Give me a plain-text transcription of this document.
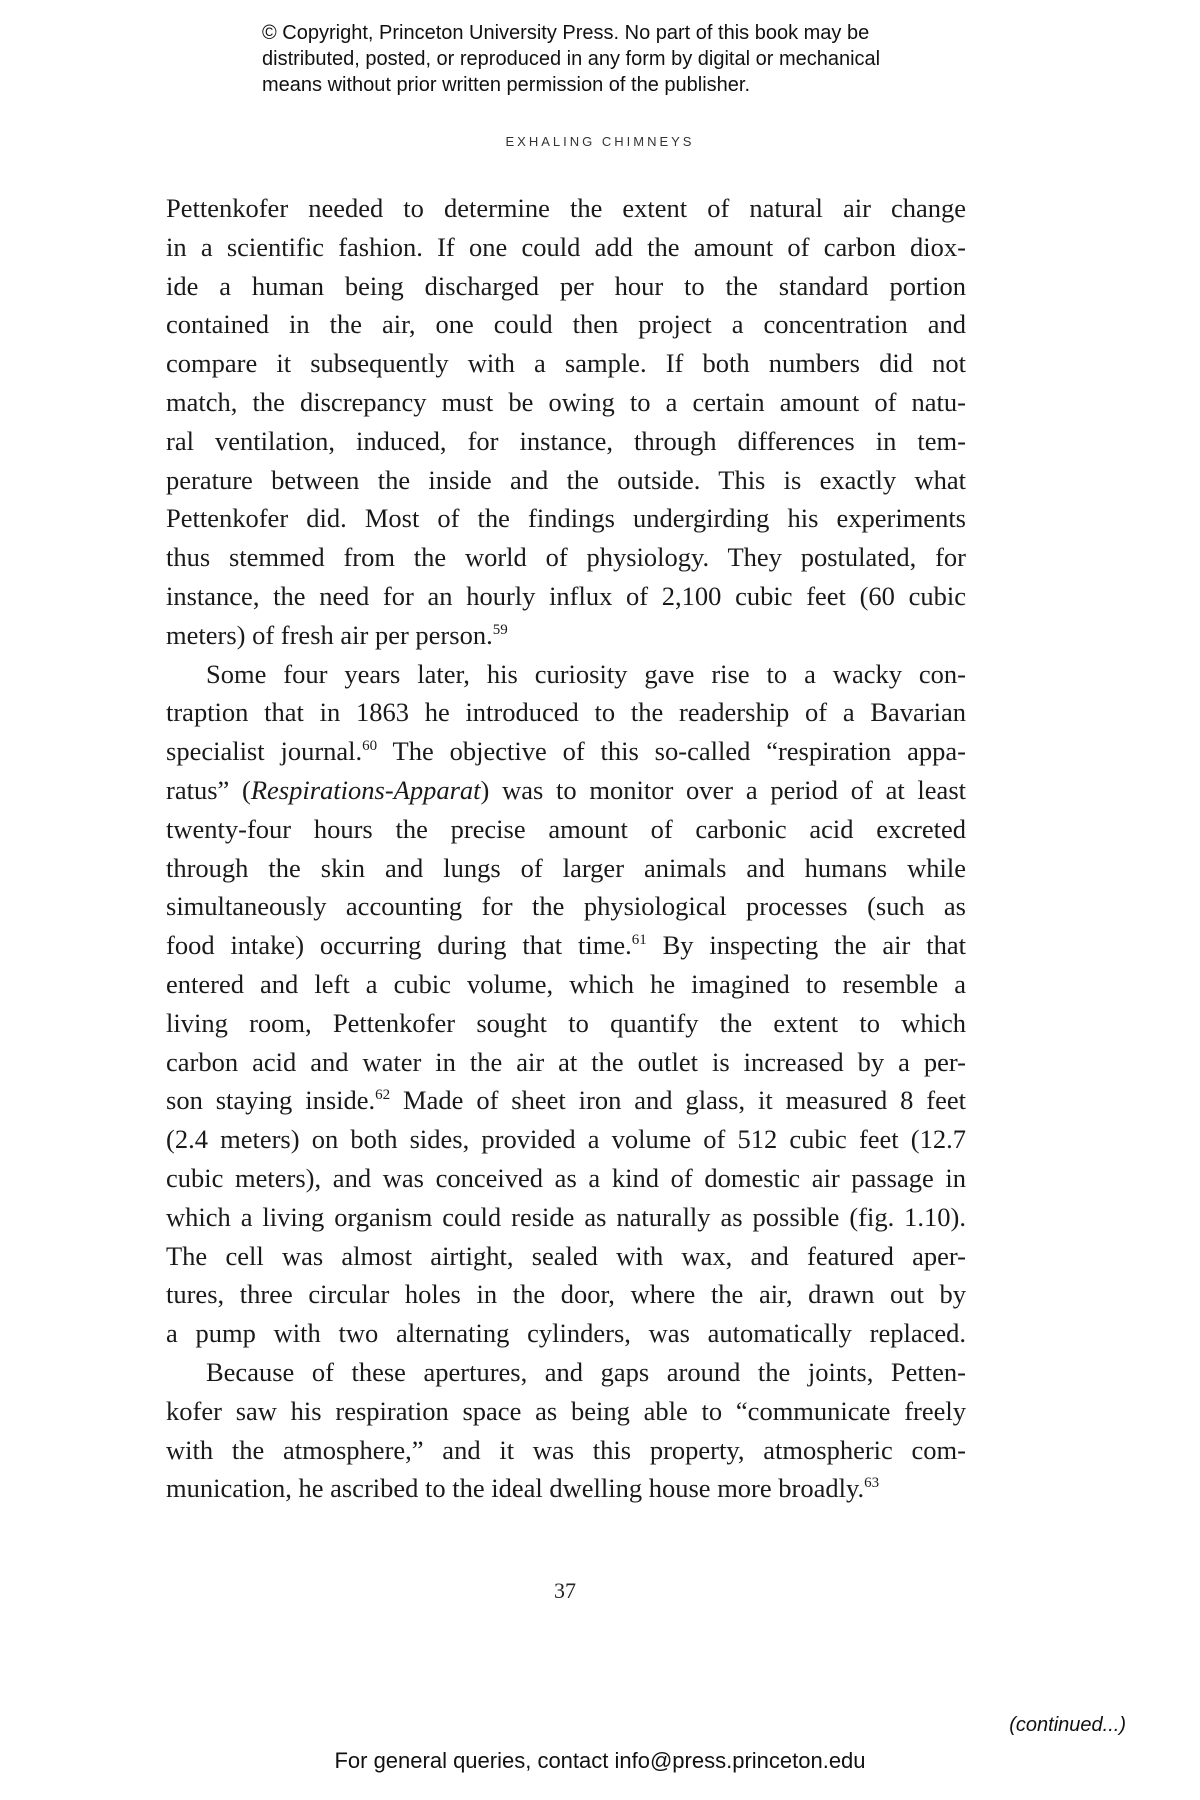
© Copyright, Princeton University Press. No part of this book may be
distributed, posted, or reproduced in any form by digital or mechanical
means without prior written permission of the publisher.
EXHALING CHIMNEYS
Pettenkofer needed to determine the extent of natural air change
in a scientific fashion. If one could add the amount of carbon diox-
ide a human being discharged per hour to the standard portion
contained in the air, one could then project a concentration and
compare it subsequently with a sample. If both numbers did not
match, the discrepancy must be owing to a certain amount of natu-
ral ventilation, induced, for instance, through differences in tem-
perature between the inside and the outside. This is exactly what
Pettenkofer did. Most of the findings undergirding his experiments
thus stemmed from the world of physiology. They postulated, for
instance, the need for an hourly influx of 2,100 cubic feet (60 cubic
meters) of fresh air per person.$^{59}$
Some four years later, his curiosity gave rise to a wacky con-
traption that in 1863 he introduced to the readership of a Bavarian
specialist journal.$^{60}$ The objective of this so-called “respiration appa-
ratus” (Respirations-Apparat) was to monitor over a period of at least
twenty-four hours the precise amount of carbonic acid excreted
through the skin and lungs of larger animals and humans while
simultaneously accounting for the physiological processes (such as
food intake) occurring during that time.$^{61}$ By inspecting the air that
entered and left a cubic volume, which he imagined to resemble a
living room, Pettenkofer sought to quantify the extent to which
carbon acid and water in the air at the outlet is increased by a per-
son staying inside.$^{62}$ Made of sheet iron and glass, it measured 8 feet
(2.4 meters) on both sides, provided a volume of 512 cubic feet (12.7
cubic meters), and was conceived as a kind of domestic air passage in
which a living organism could reside as naturally as possible (fig. 1.10).
The cell was almost airtight, sealed with wax, and featured aper-
tures, three circular holes in the door, where the air, drawn out by
a pump with two alternating cylinders, was automatically replaced.
Because of these apertures, and gaps around the joints, Petten-
kofer saw his respiration space as being able to “communicate freely
with the atmosphere,” and it was this property, atmospheric com-
munication, he ascribed to the ideal dwelling house more broadly.$^{63}$
37
(continued...)
For general queries, contact info@press.princeton.edu
